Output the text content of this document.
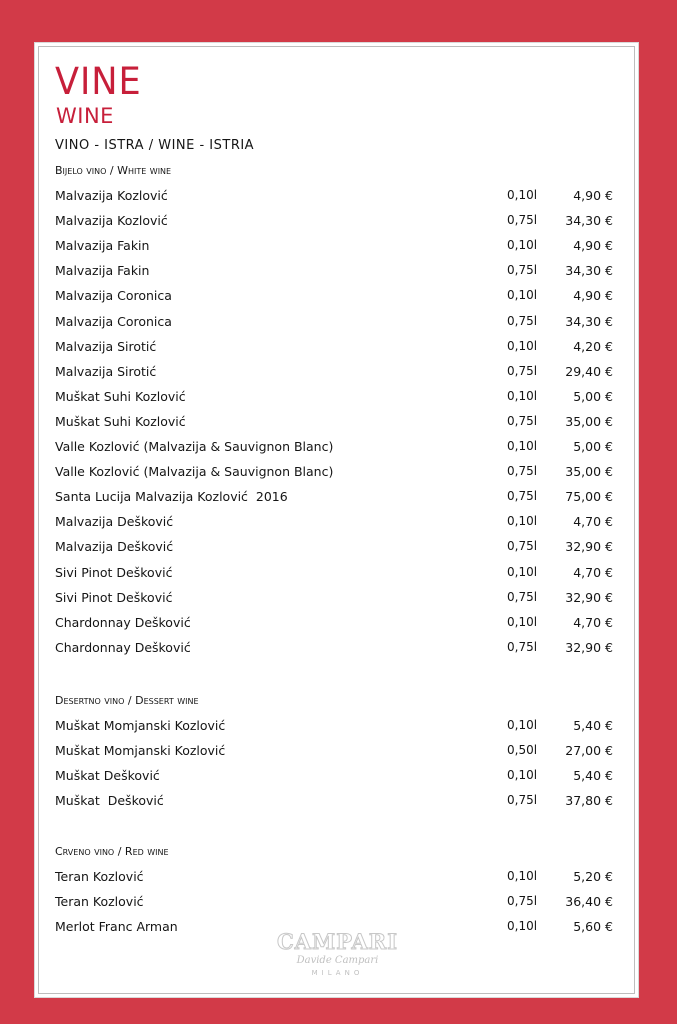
VINE
WINE
VINO - ISTRA / WINE - ISTRIA
Bijelo vino / White wine
Malvazija Kozlović	0,10l	4,90 €
Malvazija Kozlović	0,75l 34,30 €
Malvazija Fakin	0,10l	4,90 €
Malvazija Fakin	0,75l 34,30 €
Malvazija Coronica	0,10l	4,90 €
Malvazija Coronica	0,75l 34,30 €
Malvazija Sirotić	0,10l	4,20 €
Malvazija Sirotić	0,75l 29,40 €
Muškat Suhi Kozlović	0,10l	5,00 €
Muškat Suhi Kozlović	0,75l 35,00 €
Valle Kozlović (Malvazija & Sauvignon Blanc)	0,10l	5,00 €
Valle Kozlović (Malvazija & Sauvignon Blanc)	0,75l 35,00 €
Santa Lucija Malvazija Kozlović  2016	0,75l 75,00 €
Malvazija Dešković	0,10l	4,70 €
Malvazija Dešković	0,75l 32,90 €
Sivi Pinot Dešković	0,10l	4,70 €
Sivi Pinot Dešković	0,75l 32,90 €
Chardonnay Dešković	0,10l	4,70 €
Chardonnay Dešković	0,75l 32,90 €
Desertno vino / Dessert wine
Muškat Momjanski Kozlović	0,10l	5,40 €
Muškat Momjanski Kozlović	0,50l 27,00 €
Muškat Dešković	0,10l	5,40 €
Muškat  Dešković	0,75l 37,80 €
Crveno vino / Red wine
Teran Kozlović	0,10l	5,20 €
Teran Kozlović	0,75l 36,40 €
Merlot Franc Arman	0,10l	5,60 €
CAMPARI
Davide Campari
MILANO
